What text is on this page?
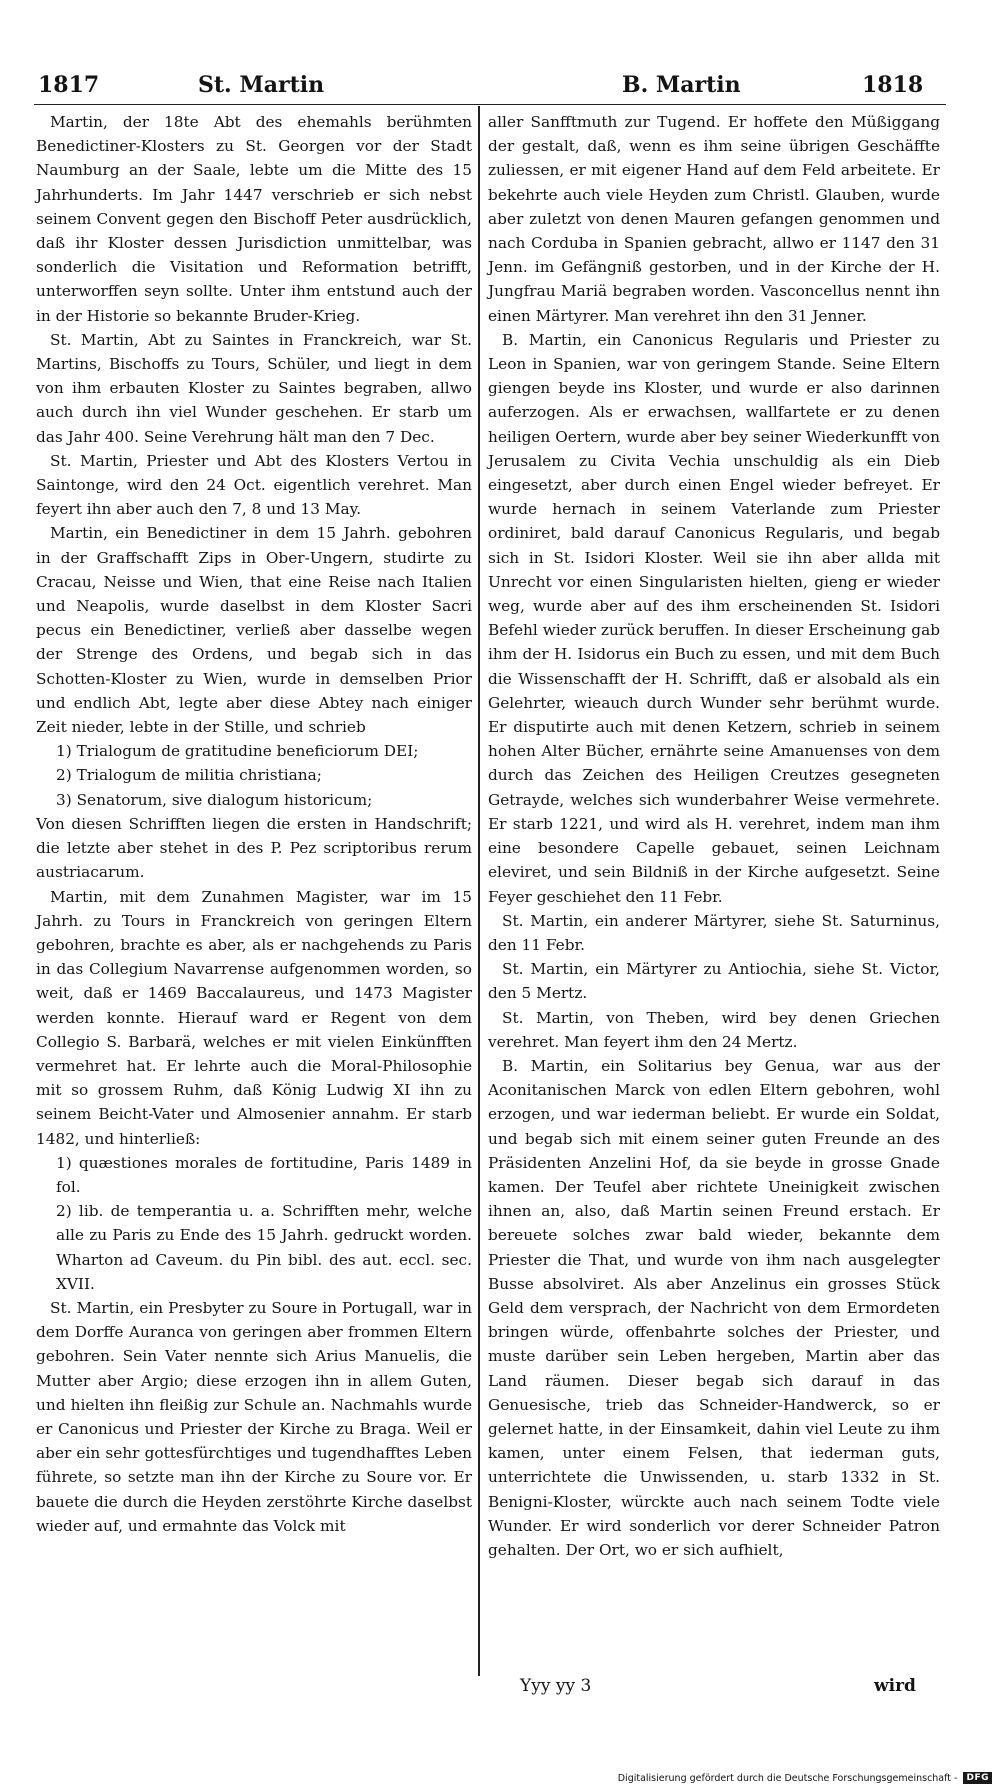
1817	St. Martin	B. Martin	1818

Martin, der 18te Abt des ehemahls berühmten Benedictiner-Klosters zu St. Georgen vor der Stadt Naumburg an der Saale, lebte um die Mitte des 15 Jahrhunderts. Im Jahr 1447 verschrieb er sich nebst seinem Convent gegen den Bischoff Peter ausdrücklich, daß ihr Kloster dessen Jurisdiction unmittelbar, was sonderlich die Visitation und Reformation betrifft, unterworffen seyn sollte. Unter ihm entstund auch der in der Historie so bekannte Bruder-Krieg.

St. Martin, Abt zu Saintes in Franckreich, war St. Martins, Bischoffs zu Tours, Schüler, und liegt in dem von ihm erbauten Kloster zu Saintes begraben, allwo auch durch ihn viel Wunder geschehen. Er starb um das Jahr 400. Seine Verehrung hält man den 7 Dec.

St. Martin, Priester und Abt des Klosters Vertou in Saintonge, wird den 24 Oct. eigentlich verehret. Man feyert ihn aber auch den 7, 8 und 13 May.

Martin, ein Benedictiner in dem 15 Jahrh. gebohren in der Graffschafft Zips in Ober-Ungern, studirte zu Cracau, Neisse und Wien, that eine Reise nach Italien und Neapolis, wurde daselbst in dem Kloster Sacri pecus ein Benedictiner, verließ aber dasselbe wegen der Strenge des Ordens, und begab sich in das Schotten-Kloster zu Wien, wurde in demselben Prior und endlich Abt, legte aber diese Abtey nach einiger Zeit nieder, lebte in der Stille, und schrieb

1) Trialogum de gratitudine beneficiorum DEI;
2) Trialogum de militia christiana;
3) Senatorum, sive dialogum historicum;

Von diesen Schrifften liegen die ersten in Handschrift; die letzte aber stehet in des P. Pez scriptoribus rerum austriacarum.

Martin, mit dem Zunahmen Magister, war im 15 Jahrh. zu Tours in Franckreich von geringen Eltern gebohren, brachte es aber, als er nachgehends zu Paris in das Collegium Navarrense aufgenommen worden, so weit, daß er 1469 Baccalaureus, und 1473 Magister werden konnte. Hierauf ward er Regent von dem Collegio S. Barbarä, welches er mit vielen Einkünfften vermehret hat. Er lehrte auch die Moral-Philosophie mit so grossem Ruhm, daß König Ludwig XI ihn zu seinem Beicht-Vater und Almosenier annahm. Er starb 1482, und hinterließ:

1) quæstiones morales de fortitudine, Paris 1489 in fol.
2) lib. de temperantia u. a. Schrifften mehr, welche alle zu Paris zu Ende des 15 Jahrh. gedruckt worden. Wharton ad Caveum. du Pin bibl. des aut. eccl. sec. XVII.

St. Martin, ein Presbyter zu Soure in Portugall, war in dem Dorffe Auranca von geringen aber frommen Eltern gebohren. Sein Vater nennte sich Arius Manuelis, die Mutter aber Argio; diese erzogen ihn in allem Guten, und hielten ihn fleißig zur Schule an. Nachmahls wurde er Canonicus und Priester der Kirche zu Braga. Weil er aber ein sehr gottesfürchtiges und tugendhafftes Leben führete, so setzte man ihn der Kirche zu Soure vor. Er bauete die durch die Heyden zerstöhrte Kirche daselbst wieder auf, und ermahnte das Volck mit

aller Sanfftmuth zur Tugend. Er hoffete den Müßiggang der gestalt, daß, wenn es ihm seine übrigen Geschäffte zuliessen, er mit eigener Hand auf dem Feld arbeitete. Er bekehrte auch viele Heyden zum Christl. Glauben, wurde aber zuletzt von denen Mauren gefangen genommen und nach Corduba in Spanien gebracht, allwo er 1147 den 31 Jenn. im Gefängniß gestorben, und in der Kirche der H. Jungfrau Mariä begraben worden. Vasconcellus nennt ihn einen Märtyrer. Man verehret ihn den 31 Jenner.

B. Martin, ein Canonicus Regularis und Priester zu Leon in Spanien, war von geringem Stande. Seine Eltern giengen beyde ins Kloster, und wurde er also darinnen auferzogen. Als er erwachsen, wallfartete er zu denen heiligen Oertern, wurde aber bey seiner Wiederkunfft von Jerusalem zu Civita Vechia unschuldig als ein Dieb eingesetzt, aber durch einen Engel wieder befreyet. Er wurde hernach in seinem Vaterlande zum Priester ordiniret, bald darauf Canonicus Regularis, und begab sich in St. Isidori Kloster. Weil sie ihn aber allda mit Unrecht vor einen Singularisten hielten, gieng er wieder weg, wurde aber auf des ihm erscheinenden St. Isidori Befehl wieder zurück beruffen. In dieser Erscheinung gab ihm der H. Isidorus ein Buch zu essen, und mit dem Buch die Wissenschafft der H. Schrifft, daß er alsobald als ein Gelehrter, wieauch durch Wunder sehr berühmt wurde. Er disputirte auch mit denen Ketzern, schrieb in seinem hohen Alter Bücher, ernährte seine Amanuenses von dem durch das Zeichen des Heiligen Creutzes gesegneten Getrayde, welches sich wunderbahrer Weise vermehrete. Er starb 1221, und wird als H. verehret, indem man ihm eine besondere Capelle gebauet, seinen Leichnam eleviret, und sein Bildniß in der Kirche aufgesetzt. Seine Feyer geschiehet den 11 Febr.

St. Martin, ein anderer Märtyrer, siehe St. Saturninus, den 11 Febr.

St. Martin, ein Märtyrer zu Antiochia, siehe St. Victor, den 5 Mertz.

St. Martin, von Theben, wird bey denen Griechen verehret. Man feyert ihm den 24 Mertz.

B. Martin, ein Solitarius bey Genua, war aus der Aconitanischen Marck von edlen Eltern gebohren, wohl erzogen, und war iederman beliebt. Er wurde ein Soldat, und begab sich mit einem seiner guten Freunde an des Präsidenten Anzelini Hof, da sie beyde in grosse Gnade kamen. Der Teufel aber richtete Uneinigkeit zwischen ihnen an, also, daß Martin seinen Freund erstach. Er bereuete solches zwar bald wieder, bekannte dem Priester die That, und wurde von ihm nach ausgelegter Busse absolviret. Als aber Anzelinus ein grosses Stück Geld dem versprach, der Nachricht von dem Ermordeten bringen würde, offenbahrte solches der Priester, und muste darüber sein Leben hergeben, Martin aber das Land räumen. Dieser begab sich darauf in das Genuesische, trieb das Schneider-Handwerck, so er gelernet hatte, in der Einsamkeit, dahin viel Leute zu ihm kamen, unter einem Felsen, that iederman guts, unterrichtete die Unwissenden, u. starb 1332 in St. Benigni-Kloster, würckte auch nach seinem Todte viele Wunder. Er wird sonderlich vor derer Schneider Patron gehalten. Der Ort, wo er sich aufhielt,

Yyy yy 3	wird
Digitalisierung gefördert durch die Deutsche Forschungsgemeinschaft -	DFG
